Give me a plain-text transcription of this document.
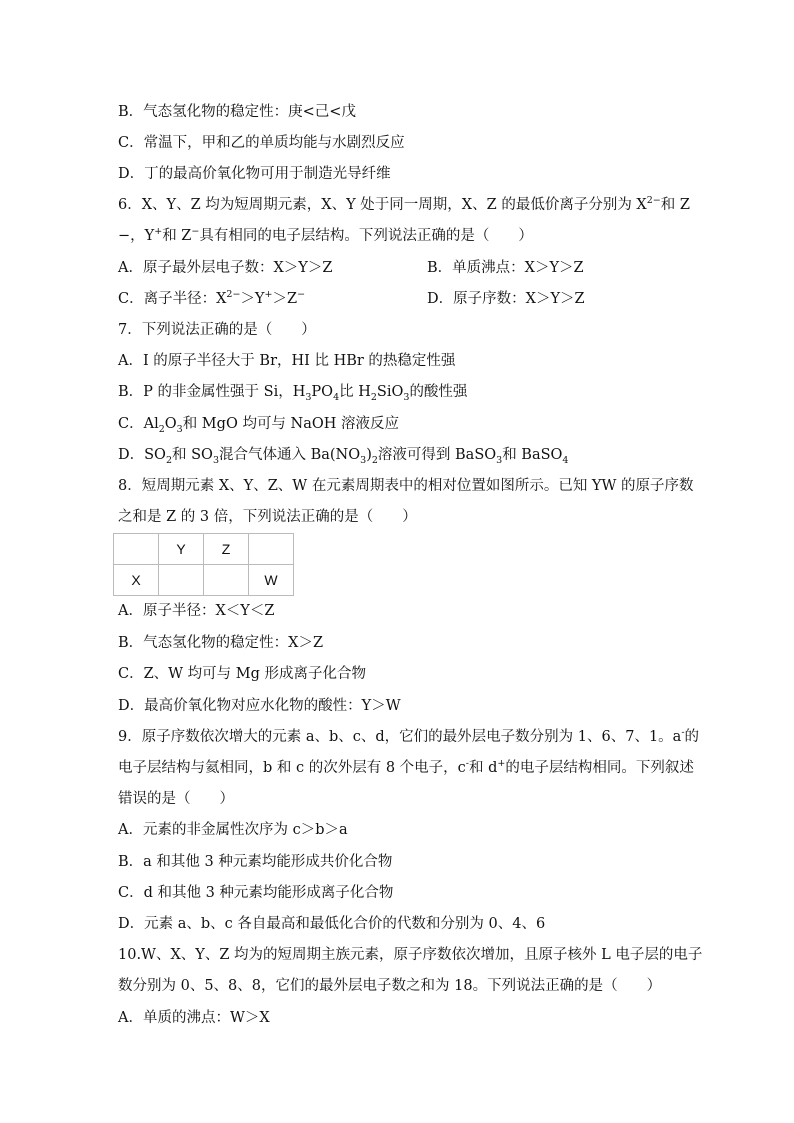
B．气态氢化物的稳定性：庚<己<戊
C．常温下，甲和乙的单质均能与水剧烈反应
D．丁的最高价氧化物可用于制造光导纤维
6．X、Y、Z 均为短周期元素，X、Y 处于同一周期，X、Z 的最低价离子分别为 $X^{2-}$和 Z
−，Y+和 Z−具有相同的电子层结构。下列说法正确的是（　　）
A．原子最外层电子数：X＞Y＞Z	B．单质沸点：X＞Y＞Z
C．离子半径：$X^{2-}>Y^+>Z^-$	D．原子序数：X＞Y＞Z
7．下列说法正确的是（　　）
A．I 的原子半径大于 Br，HI 比 HBr 的热稳定性强
B．P 的非金属性强于 Si，$H_3PO_4$比 $H_2SiO_3$的酸性强
C．$Al_2O_3$和 MgO 均可与 NaOH 溶液反应
D．$SO_2$和 $SO_3$混合气体通入 $Ba(NO_3)_2$溶液可得到 BaSO$_3$和 BaSO$_4$
8．短周期元素 X、Y、Z、W 在元素周期表中的相对位置如图所示。已知 YW 的原子序数
之和是 Z 的 3 倍，下列说法正确的是（　　）
	Y	Z	
X			W
A．原子半径：X＜Y＜Z
B．气态氢化物的稳定性：X＞Z
C．Z、W 均可与 Mg 形成离子化合物
D．最高价氧化物对应水化物的酸性：Y＞W
9．原子序数依次增大的元素 a、b、c、d，它们的最外层电子数分别为 1、6、7、1。a-的
电子层结构与氦相同，b 和 c 的次外层有 8 个电子，c-和 d+的电子层结构相同。下列叙述
错误的是（　　）
A．元素的非金属性次序为 c＞b＞a
B．a 和其他 3 种元素均能形成共价化合物
C．d 和其他 3 种元素均能形成离子化合物
D．元素 a、b、c 各自最高和最低化合价的代数和分别为 0、4、6
10.W、X、Y、Z 均为的短周期主族元素，原子序数依次增加，且原子核外 L 电子层的电子
数分别为 0、5、8、8，它们的最外层电子数之和为 18。下列说法正确的是（　　）
A．单质的沸点：W＞X
